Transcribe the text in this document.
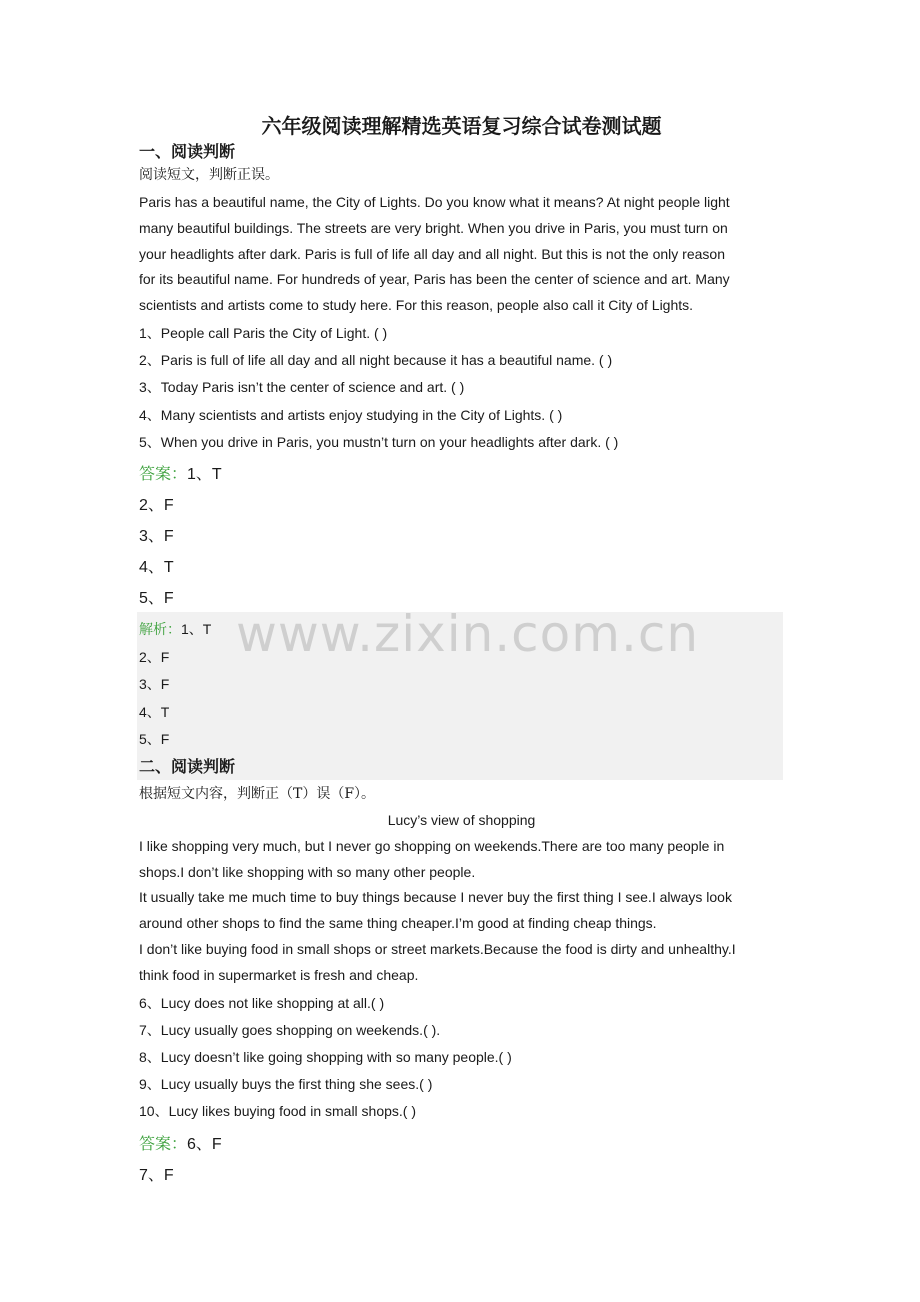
www.zixin.com.cn

六年级阅读理解精选英语复习综合试卷测试题

一、阅读判断

阅读短文，判断正误。

Paris has a beautiful name, the City of Lights. Do you know what it means? At night people light

many beautiful buildings. The streets are very bright. When you drive in Paris, you must turn on

your headlights after dark. Paris is full of life all day and all night. But this is not the only reason

for its beautiful name. For hundreds of year, Paris has been the center of science and art. Many

scientists and artists come to study here. For this reason, people also call it City of Lights.

1、People call Paris the City of Light. ( )

2、Paris is full of life all day and all night because it has a beautiful name. ( )

3、Today Paris isn’t the center of science and art. ( )

4、Many scientists and artists enjoy studying in the City of Lights. ( )

5、When you drive in Paris, you mustn’t turn on your headlights after dark. ( )

答案：1、T

2、F

3、F

4、T

5、F

解析：1、T

2、F

3、F

4、T

5、F

二、阅读判断

根据短文内容，判断正（T）误（F）。

Lucy’s view of shopping

I like shopping very much, but I never go shopping on weekends.There are too many people in

shops.I don’t like shopping with so many other people.

It usually take me much time to buy things because I never buy the first thing I see.I always look

around other shops to find the same thing cheaper.I’m good at finding cheap things.

I don’t like buying food in small shops or street markets.Because the food is dirty and unhealthy.I

think food in supermarket is fresh and cheap.

6、Lucy does not like shopping at all.( )

7、Lucy usually goes shopping on weekends.( ).

8、Lucy doesn’t like going shopping with so many people.( )

9、Lucy usually buys the first thing she sees.( )

10、Lucy likes buying food in small shops.( )

答案：6、F

7、F
